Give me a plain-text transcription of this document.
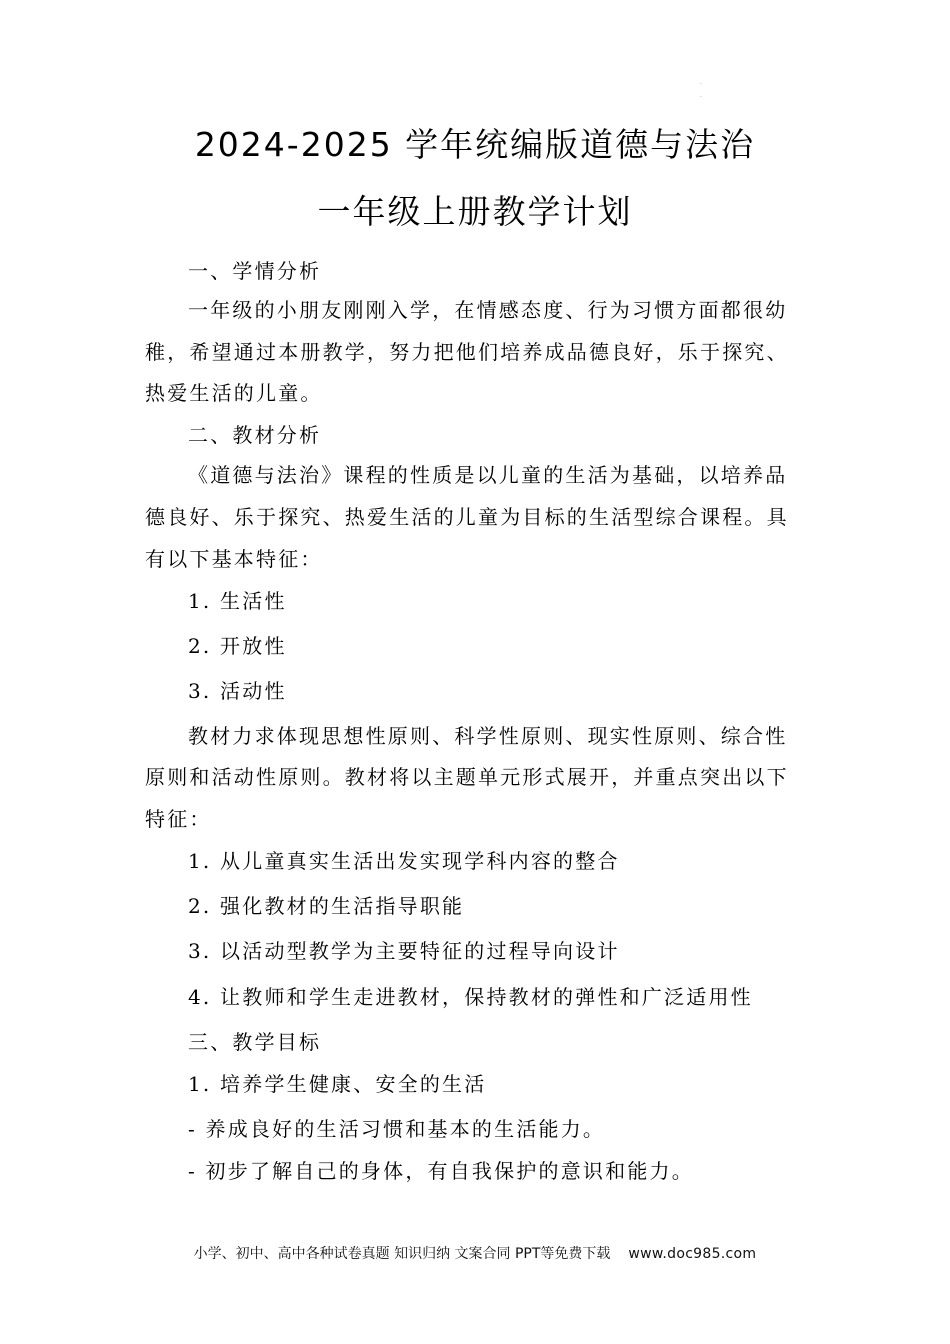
·
·
2024-2025 学年统编版道德与法治
一年级上册教学计划

一、学情分析

一年级的小朋友刚刚入学，在情感态度、行为习惯方面都很幼

稚，希望通过本册教学，努力把他们培养成品德良好，乐于探究、

热爱生活的儿童。

二、教材分析

《道德与法治》课程的性质是以儿童的生活为基础，以培养品

德良好、乐于探究、热爱生活的儿童为目标的生活型综合课程。具

有以下基本特征：

1. 生活性

2. 开放性

3. 活动性

教材力求体现思想性原则、科学性原则、现实性原则、综合性

原则和活动性原则。教材将以主题单元形式展开，并重点突出以下

特征：

1. 从儿童真实生活出发实现学科内容的整合

2. 强化教材的生活指导职能

3. 以活动型教学为主要特征的过程导向设计

4. 让教师和学生走进教材，保持教材的弹性和广泛适用性

三、教学目标

1. 培养学生健康、安全的生活

- 养成良好的生活习惯和基本的生活能力。

- 初步了解自己的身体，有自我保护的意识和能力。

小学、初中、高中各种试卷真题 知识归纳 文案合同 PPT等免费下载 www.doc985.com
